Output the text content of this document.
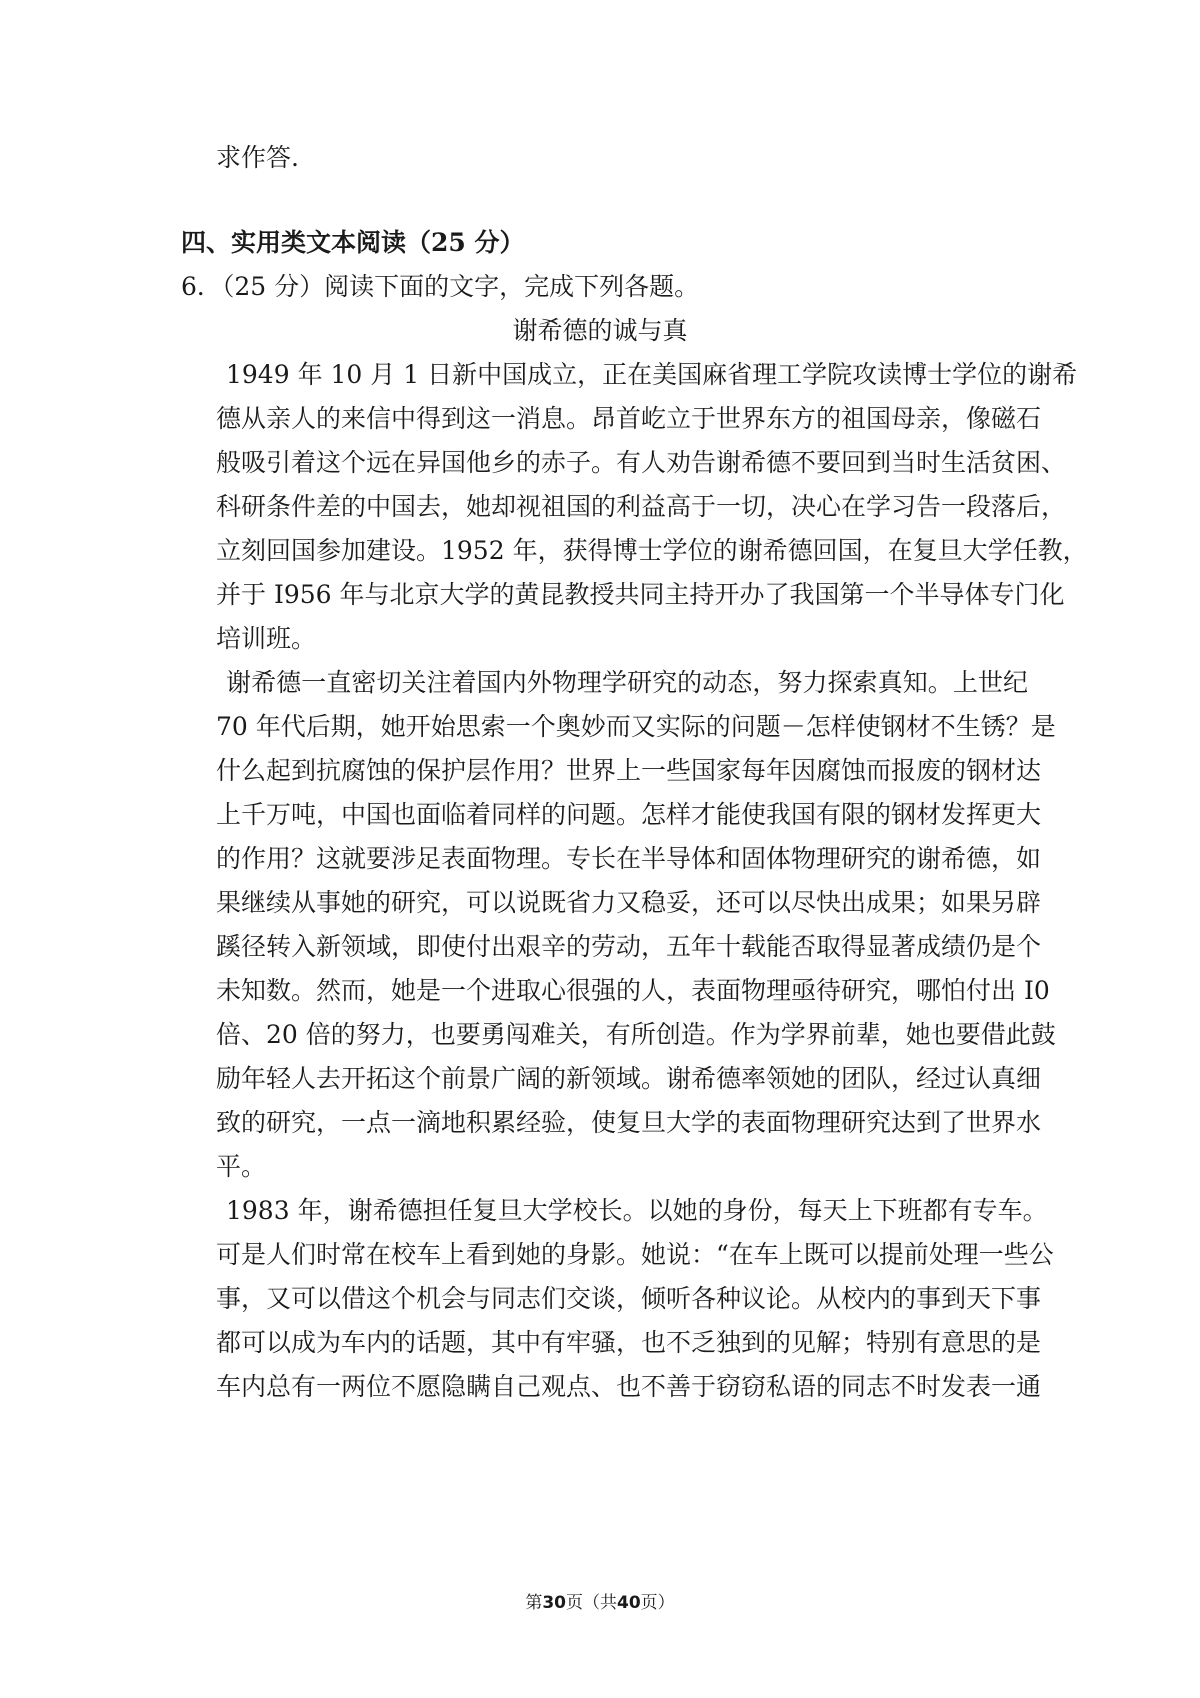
求作答.
四、实用类文本阅读（25 分）
6．（25 分）阅读下面的文字，完成下列各题。
谢希德的诚与真
1949 年 10 月 1 日新中国成立，正在美国麻省理工学院攻读博士学位的谢希
德从亲人的来信中得到这一消息。昂首屹立于世界东方的祖国母亲，像磁石
般吸引着这个远在异国他乡的赤子。有人劝告谢希德不要回到当时生活贫困、
科研条件差的中国去，她却视祖国的利益高于一切，决心在学习告一段落后，
立刻回国参加建设。1952 年，获得博士学位的谢希德回国，在复旦大学任教，
并于 I956 年与北京大学的黄昆教授共同主持开办了我国第一个半导体专门化
培训班。
谢希德一直密切关注着国内外物理学研究的动态，努力探索真知。上世纪
70 年代后期，她开始思索一个奥妙而又实际的问题－怎样使钢材不生锈？是
什么起到抗腐蚀的保护层作用？世界上一些国家每年因腐蚀而报废的钢材达
上千万吨，中国也面临着同样的问题。怎样才能使我国有限的钢材发挥更大
的作用？这就要涉足表面物理。专长在半导体和固体物理研究的谢希德，如
果继续从事她的研究，可以说既省力又稳妥，还可以尽快出成果；如果另辟
蹊径转入新领域，即使付出艰辛的劳动，五年十载能否取得显著成绩仍是个
未知数。然而，她是一个进取心很强的人，表面物理亟待研究，哪怕付出 I0
倍、20 倍的努力，也要勇闯难关，有所创造。作为学界前辈，她也要借此鼓
励年轻人去开拓这个前景广阔的新领域。谢希德率领她的团队，经过认真细
致的研究，一点一滴地积累经验，使复旦大学的表面物理研究达到了世界水
平。
1983 年，谢希德担任复旦大学校长。以她的身份，每天上下班都有专车。
可是人们时常在校车上看到她的身影。她说：“在车上既可以提前处理一些公
事，又可以借这个机会与同志们交谈，倾听各种议论。从校内的事到天下事
都可以成为车内的话题，其中有牢骚，也不乏独到的见解；特别有意思的是
车内总有一两位不愿隐瞒自己观点、也不善于窃窃私语的同志不时发表一通
第30页（共40页）
